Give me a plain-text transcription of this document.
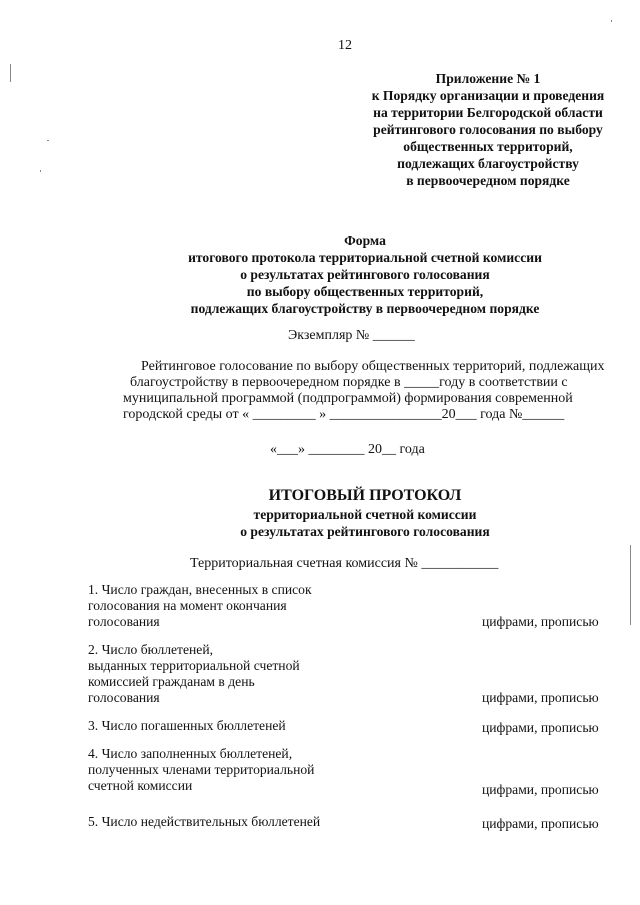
12
Приложение № 1
к Порядку организации и проведения
на территории Белгородской области
рейтингового голосования по выбору
общественных территорий,
подлежащих благоустройству
в первоочередном порядке
Форма
итогового протокола территориальной счетной комиссии
о результатах рейтингового голосования
по выбору общественных территорий,
подлежащих благоустройству в первоочередном порядке
Экземпляр № ______
Рейтинговое голосование по выбору общественных территорий, подлежащих
благоустройству в первоочередном порядке в _____году в соответствии с
муниципальной программой (подпрограммой) формирования современной
городской среды от « _________ » ________________20___ года №______
«___» ________ 20__ года
ИТОГОВЫЙ ПРОТОКОЛ
территориальной счетной комиссии
о результатах рейтингового голосования
Территориальная счетная комиссия № ___________
1. Число граждан, внесенных в список
голосования на момент окончания
голосования	цифрами, прописью
2. Число бюллетеней,
выданных территориальной счетной
комиссией гражданам в день
голосования	цифрами, прописью
3. Число погашенных бюллетеней	цифрами, прописью
4. Число заполненных бюллетеней,
полученных членами территориальной
счетной комиссии	цифрами, прописью
5. Число недействительных бюллетеней	цифрами, прописью
